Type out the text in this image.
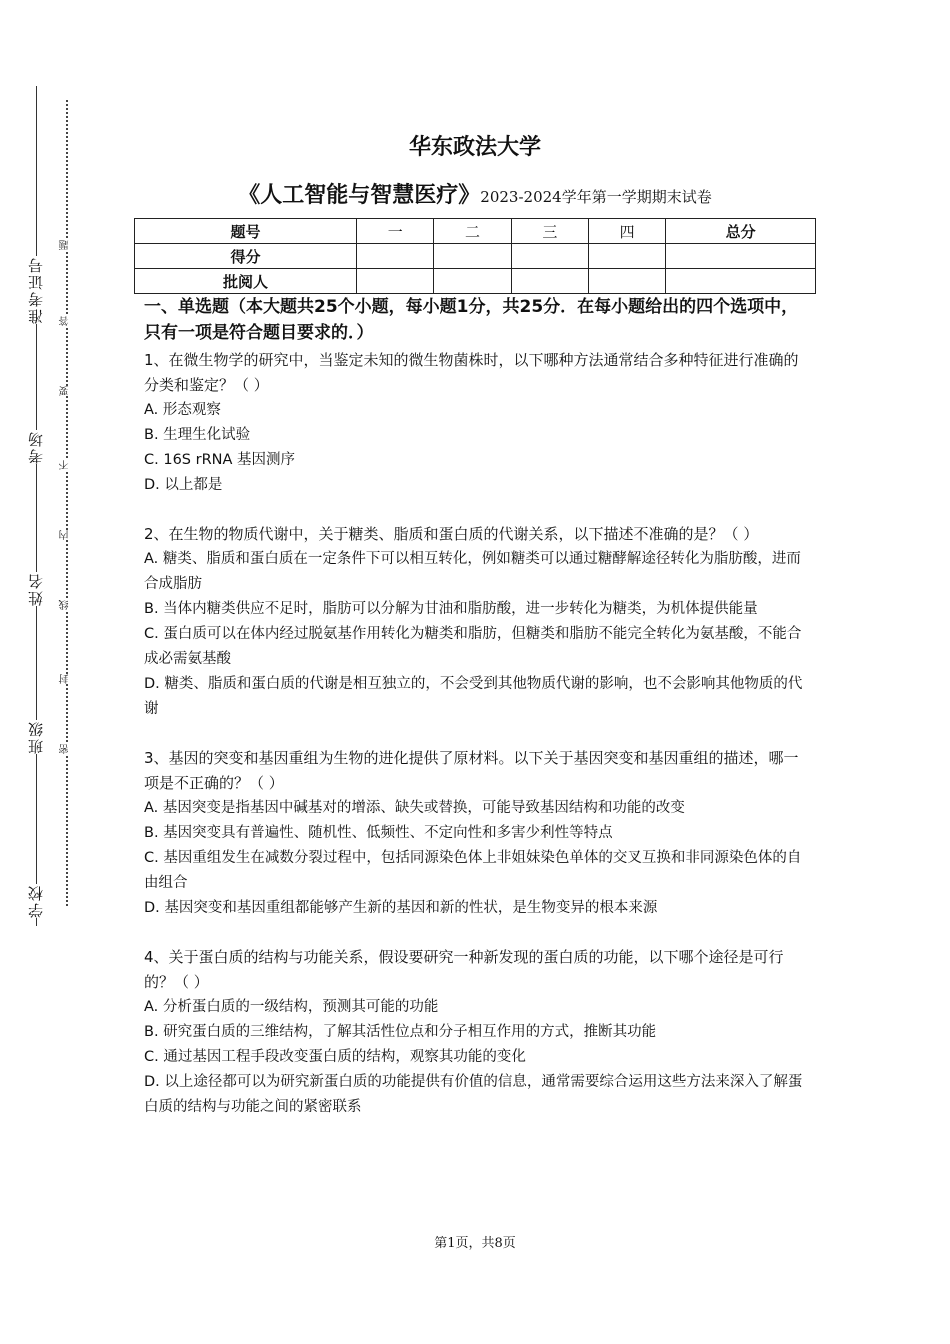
准考证号
考场
姓名
班级
学校
题
答
要
不
内
线
封
密
华东政法大学
《人工智能与智慧医疗》2023-2024学年第一学期期末试卷
题号	一	二	三	四	总分
得分					
批阅人					
一、单选题（本大题共25个小题，每小题1分，共25分．在每小题给出的四个选项中，只有一项是符合题目要求的．）

1、在微生物学的研究中，当鉴定未知的微生物菌株时，以下哪种方法通常结合多种特征进行准确的分类和鉴定？（ ）

A. 形态观察

B. 生理生化试验

C. 16S rRNA 基因测序

D. 以上都是

2、在生物的物质代谢中，关于糖类、脂质和蛋白质的代谢关系，以下描述不准确的是？（ ）

A. 糖类、脂质和蛋白质在一定条件下可以相互转化，例如糖类可以通过糖酵解途径转化为脂肪酸，进而合成脂肪

B. 当体内糖类供应不足时，脂肪可以分解为甘油和脂肪酸，进一步转化为糖类，为机体提供能量

C. 蛋白质可以在体内经过脱氨基作用转化为糖类和脂肪，但糖类和脂肪不能完全转化为氨基酸，不能合成必需氨基酸

D. 糖类、脂质和蛋白质的代谢是相互独立的，不会受到其他物质代谢的影响，也不会影响其他物质的代谢

3、基因的突变和基因重组为生物的进化提供了原材料。以下关于基因突变和基因重组的描述，哪一项是不正确的？（ ）

A. 基因突变是指基因中碱基对的增添、缺失或替换，可能导致基因结构和功能的改变

B. 基因突变具有普遍性、随机性、低频性、不定向性和多害少利性等特点

C. 基因重组发生在减数分裂过程中，包括同源染色体上非姐妹染色单体的交叉互换和非同源染色体的自由组合

D. 基因突变和基因重组都能够产生新的基因和新的性状，是生物变异的根本来源

4、关于蛋白质的结构与功能关系，假设要研究一种新发现的蛋白质的功能，以下哪个途径是可行的？（ ）

A. 分析蛋白质的一级结构，预测其可能的功能

B. 研究蛋白质的三维结构，了解其活性位点和分子相互作用的方式，推断其功能

C. 通过基因工程手段改变蛋白质的结构，观察其功能的变化

D. 以上途径都可以为研究新蛋白质的功能提供有价值的信息，通常需要综合运用这些方法来深入了解蛋白质的结构与功能之间的紧密联系

第1页，共8页
